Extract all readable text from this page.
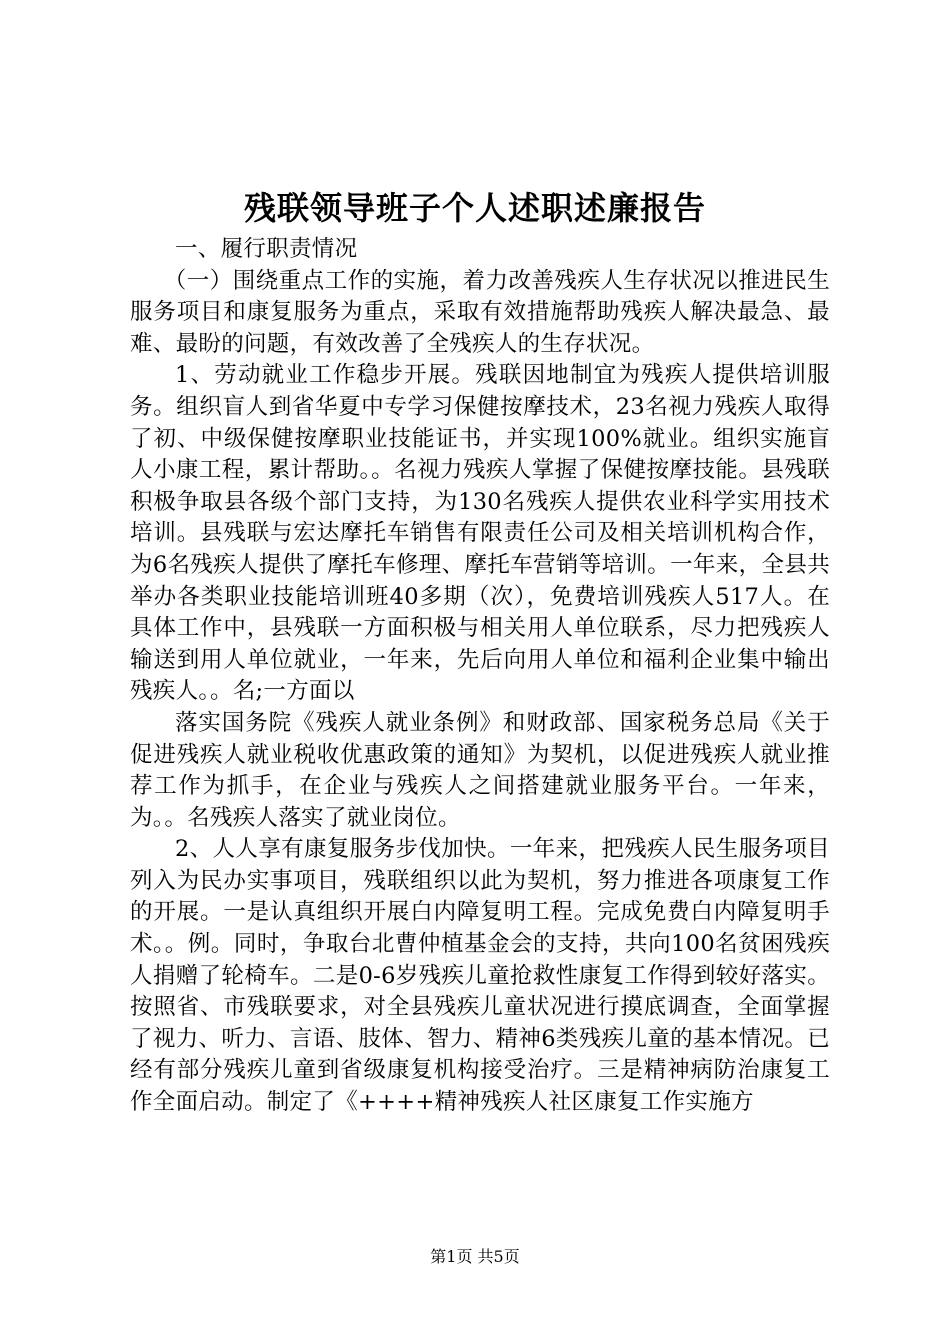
残联领导班子个人述职述廉报告

一、履行职责情况

（一）围绕重点工作的实施，着力改善残疾人生存状况以推进民生服务项目和康复服务为重点，采取有效措施帮助残疾人解决最急、最难、最盼的问题，有效改善了全残疾人的生存状况。

1、劳动就业工作稳步开展。残联因地制宜为残疾人提供培训服务。组织盲人到省华夏中专学习保健按摩技术，23名视力残疾人取得了初、中级保健按摩职业技能证书，并实现100%就业。组织实施盲人小康工程，累计帮助。。名视力残疾人掌握了保健按摩技能。县残联积极争取县各级个部门支持，为130名残疾人提供农业科学实用技术培训。县残联与宏达摩托车销售有限责任公司及相关培训机构合作，为6名残疾人提供了摩托车修理、摩托车营销等培训。一年来，全县共举办各类职业技能培训班40多期（次），免费培训残疾人517人。在具体工作中，县残联一方面积极与相关用人单位联系，尽力把残疾人输送到用人单位就业，一年来，先后向用人单位和福利企业集中输出残疾人。。名;一方面以

落实国务院《残疾人就业条例》和财政部、国家税务总局《关于促进残疾人就业税收优惠政策的通知》为契机，以促进残疾人就业推荐工作为抓手，在企业与残疾人之间搭建就业服务平台。一年来，为。。名残疾人落实了就业岗位。

2、人人享有康复服务步伐加快。一年来，把残疾人民生服务项目列入为民办实事项目，残联组织以此为契机，努力推进各项康复工作的开展。一是认真组织开展白内障复明工程。完成免费白内障复明手术。。例。同时，争取台北曹仲植基金会的支持，共向100名贫困残疾人捐赠了轮椅车。二是0-6岁残疾儿童抢救性康复工作得到较好落实。按照省、市残联要求，对全县残疾儿童状况进行摸底调查，全面掌握了视力、听力、言语、肢体、智力、精神6类残疾儿童的基本情况。已经有部分残疾儿童到省级康复机构接受治疗。三是精神病防治康复工作全面启动。制定了《++++精神残疾人社区康复工作实施方

第1页 共5页
